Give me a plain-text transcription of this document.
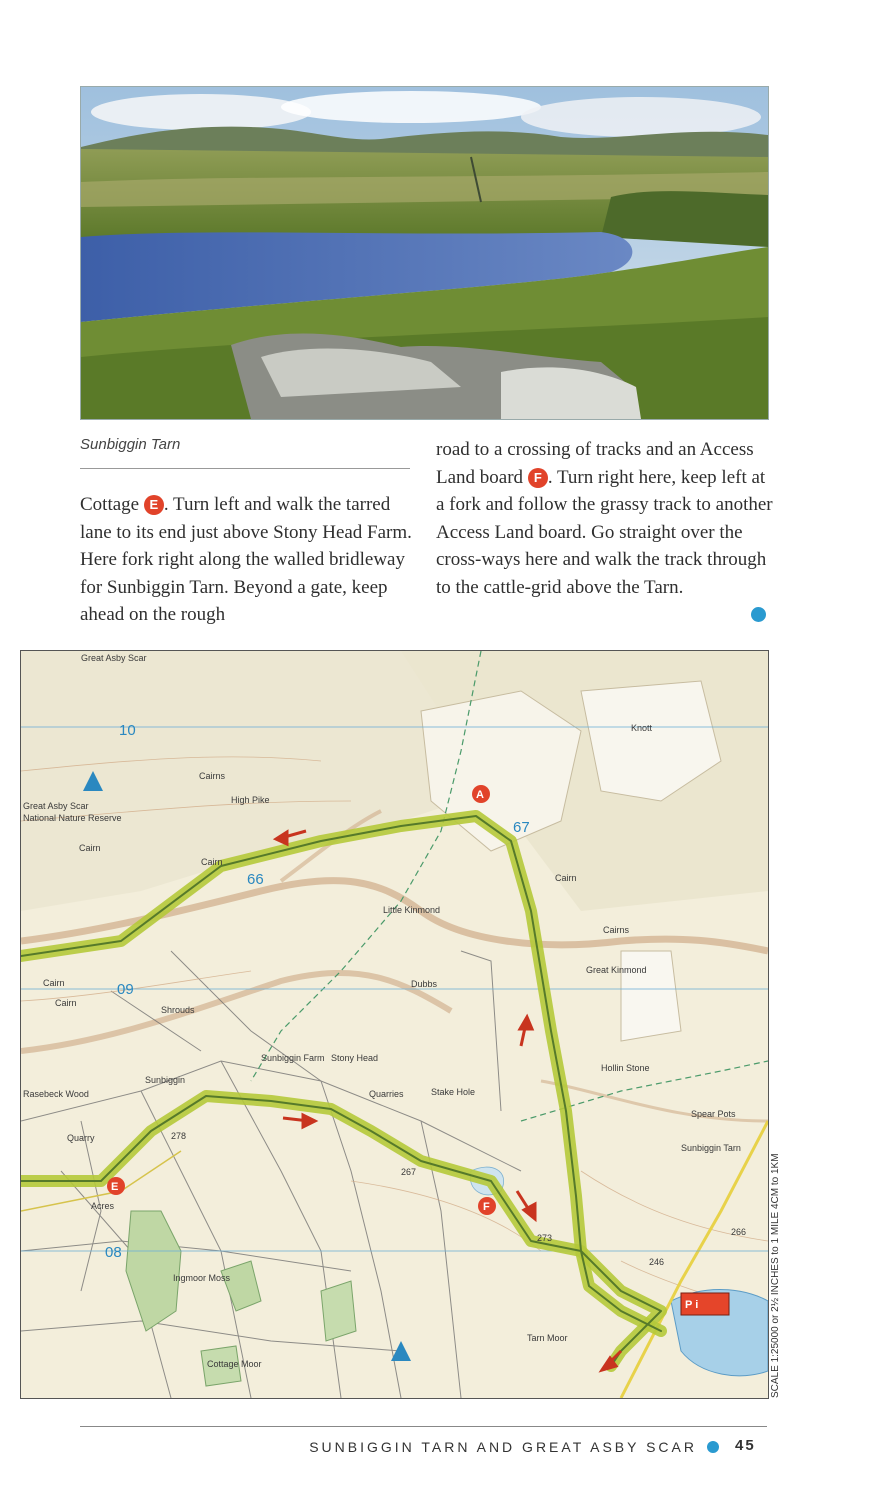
Sunbiggin Tarn
Cottage E . Turn left and walk the tarred lane to its end just above Stony Head Farm. Here fork right along the walled bridleway for Sunbiggin Tarn. Beyond a gate, keep ahead on the rough
road to a crossing of tracks and an Access Land board F . Turn right here, keep left at a fork and follow the grassy track to another Access Land board. Go straight over the cross-ways here and walk the track through to the cattle-grid above the Tarn.
P i
10
66
67
09
08
Great Asby Scar
Great Asby Scar
National Nature Reserve
Cairns
High Pike
Cairn
Cairn
Cairn
Cairn
Little Kinmond
Great Kinmond
Cairn
Cairns
Sunbiggin Farm Stony Head
Quarries	Stake Hole
Spear Pots
Rasebeck Wood
Quarry
Sunbiggin
Acres
Ingmoor Moss
Tarn Moor
Cottage Moor
Sunbiggin Tarn
Shrouds
Hollin Stone
Knott
278
267
273
266
246
Dubbs
A
E
F	SCALE 1:25000 or 2½ INCHES to 1 MILE 4CM to 1KM
SUNBIGGIN TARN AND GREAT ASBY SCAR	45
